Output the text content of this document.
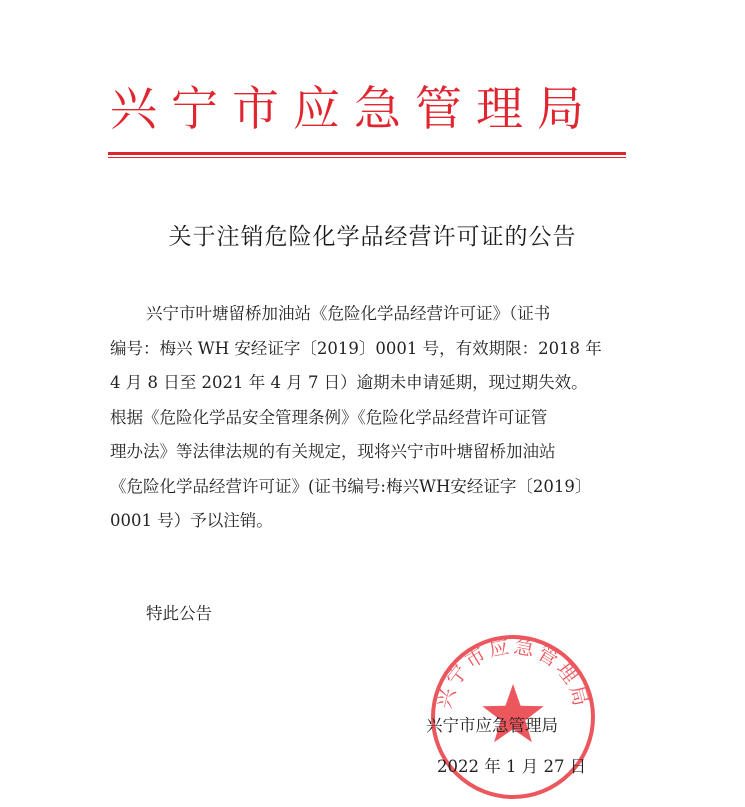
兴宁市应急管理局
关于注销危险化学品经营许可证的公告
兴宁市叶塘留桥加油站《危险化学品经营许可证》（证书
编号：梅兴 WH 安经证字〔2019〕0001 号，有效期限：2018 年
4 月 8 日至 2021 年 4 月 7 日）逾期未申请延期，现过期失效。
根据《危险化学品安全管理条例》《危险化学品经营许可证管
理办法》等法律法规的有关规定，现将兴宁市叶塘留桥加油站
《危险化学品经营许可证》(证书编号:梅兴WH安经证字〔2019〕
0001 号）予以注销。
特此公告
兴宁市应急管理局
兴宁市应急管理局
2022 年 1 月 27 日
